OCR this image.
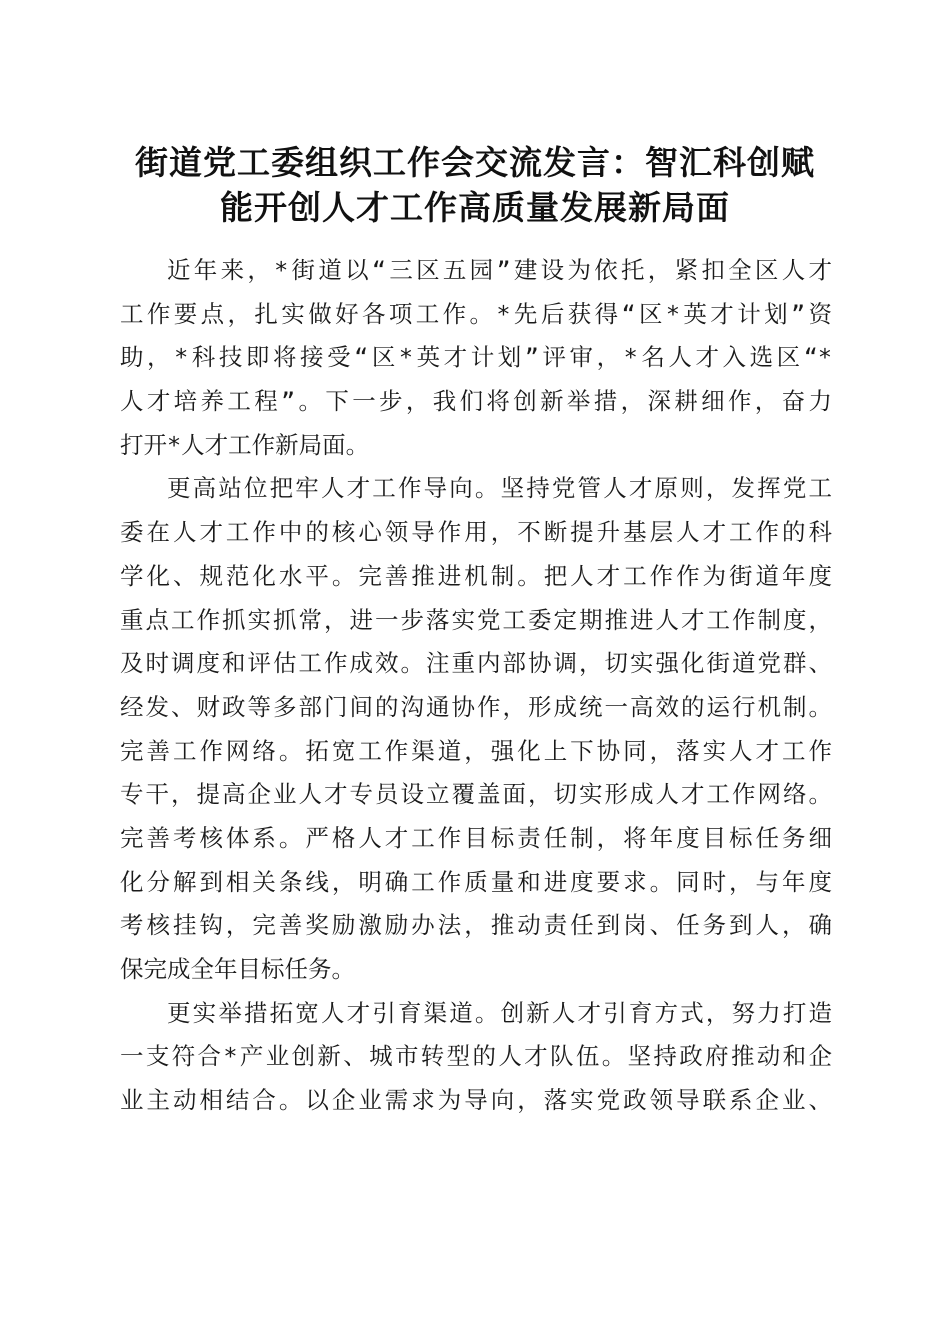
街道党工委组织工作会交流发言：智汇科创赋
能开创人才工作高质量发展新局面
近年来，*街道以“三区五园”建设为依托，紧扣全区人才
工作要点，扎实做好各项工作。*先后获得“区*英才计划”资
助，*科技即将接受“区*英才计划”评审，*名人才入选区“*
人才培养工程”。下一步，我们将创新举措，深耕细作，奋力
打开*人才工作新局面。
更高站位把牢人才工作导向。坚持党管人才原则，发挥党工
委在人才工作中的核心领导作用，不断提升基层人才工作的科
学化、规范化水平。完善推进机制。把人才工作作为街道年度
重点工作抓实抓常，进一步落实党工委定期推进人才工作制度，
及时调度和评估工作成效。注重内部协调，切实强化街道党群、
经发、财政等多部门间的沟通协作，形成统一高效的运行机制。
完善工作网络。拓宽工作渠道，强化上下协同，落实人才工作
专干，提高企业人才专员设立覆盖面，切实形成人才工作网络。
完善考核体系。严格人才工作目标责任制，将年度目标任务细
化分解到相关条线，明确工作质量和进度要求。同时，与年度
考核挂钩，完善奖励激励办法，推动责任到岗、任务到人，确
保完成全年目标任务。
更实举措拓宽人才引育渠道。创新人才引育方式，努力打造
一支符合*产业创新、城市转型的人才队伍。坚持政府推动和企
业主动相结合。以企业需求为导向，落实党政领导联系企业、
